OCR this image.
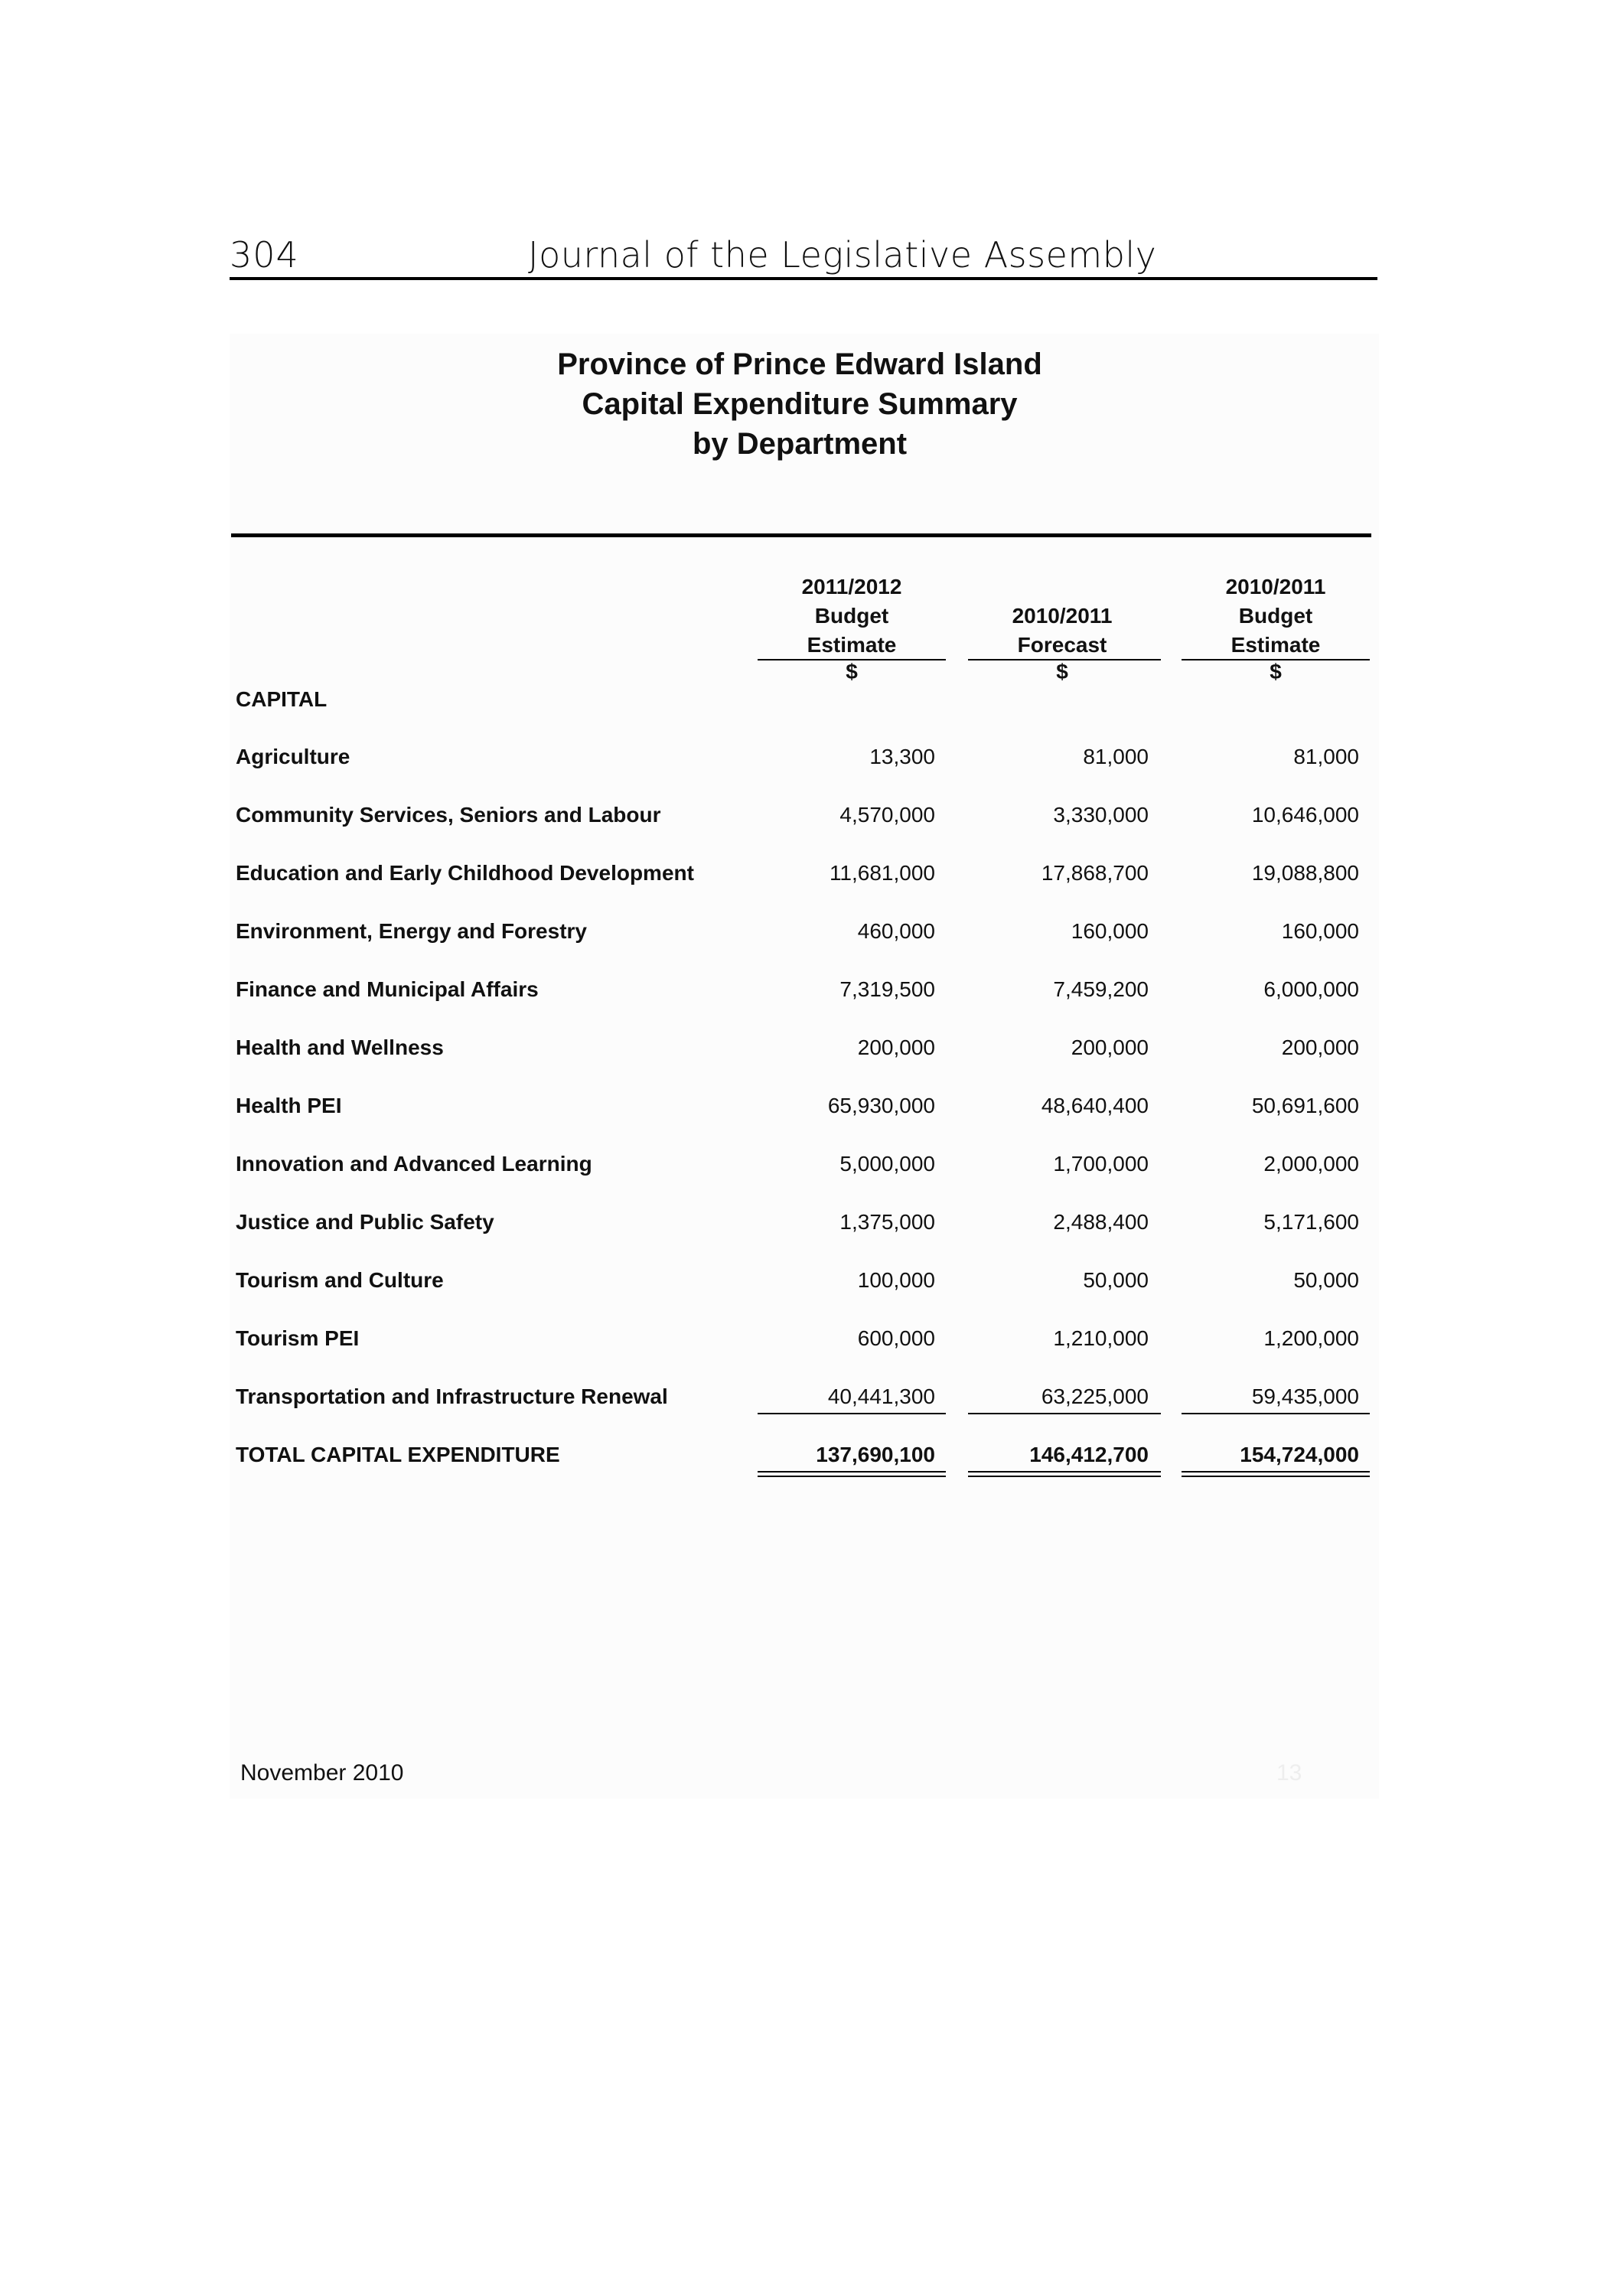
304	Journal of the Legislative Assembly
Province of Prince Edward Island
Capital Expenditure Summary
by Department
2011/2012
Budget
Estimate
2010/2011
Forecast
2010/2011
Budget
Estimate
$	$	$
CAPITAL
Agriculture	13,300	81,000	81,000
Community Services, Seniors and Labour	4,570,000	3,330,000	10,646,000
Education and Early Childhood Development	11,681,000	17,868,700	19,088,800
Environment, Energy and Forestry	460,000	160,000	160,000
Finance and Municipal Affairs	7,319,500	7,459,200	6,000,000
Health and Wellness	200,000	200,000	200,000
Health PEI	65,930,000	48,640,400	50,691,600
Innovation and Advanced Learning	5,000,000	1,700,000	2,000,000
Justice and Public Safety	1,375,000	2,488,400	5,171,600
Tourism and Culture	100,000	50,000	50,000
Tourism PEI	600,000	1,210,000	1,200,000
Transportation and Infrastructure Renewal	40,441,300	63,225,000	59,435,000
TOTAL CAPITAL EXPENDITURE	137,690,100	146,412,700	154,724,000
November 2010	13
